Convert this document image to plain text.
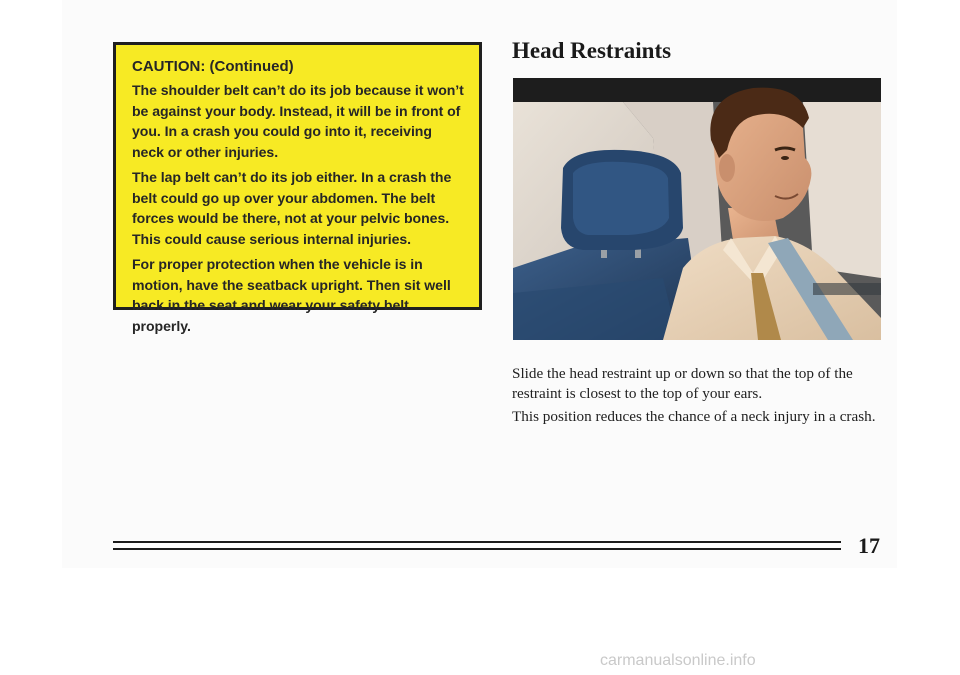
CAUTION: (Continued)

The shoulder belt can’t do its job because it won’t be against your body. Instead, it will be in front of you. In a crash you could go into it, receiving neck or other injuries.

The lap belt can’t do its job either. In a crash the belt could go up over your abdomen. The belt forces would be there, not at your pelvic bones. This could cause serious internal injuries.

For proper protection when the vehicle is in motion, have the seatback upright. Then sit well back in the seat and wear your safety belt properly.

Head Restraints

Slide the head restraint up or down so that the top of the restraint is closest to the top of your ears.

This position reduces the chance of a neck injury in a crash.

17
carmanualsonline.info
